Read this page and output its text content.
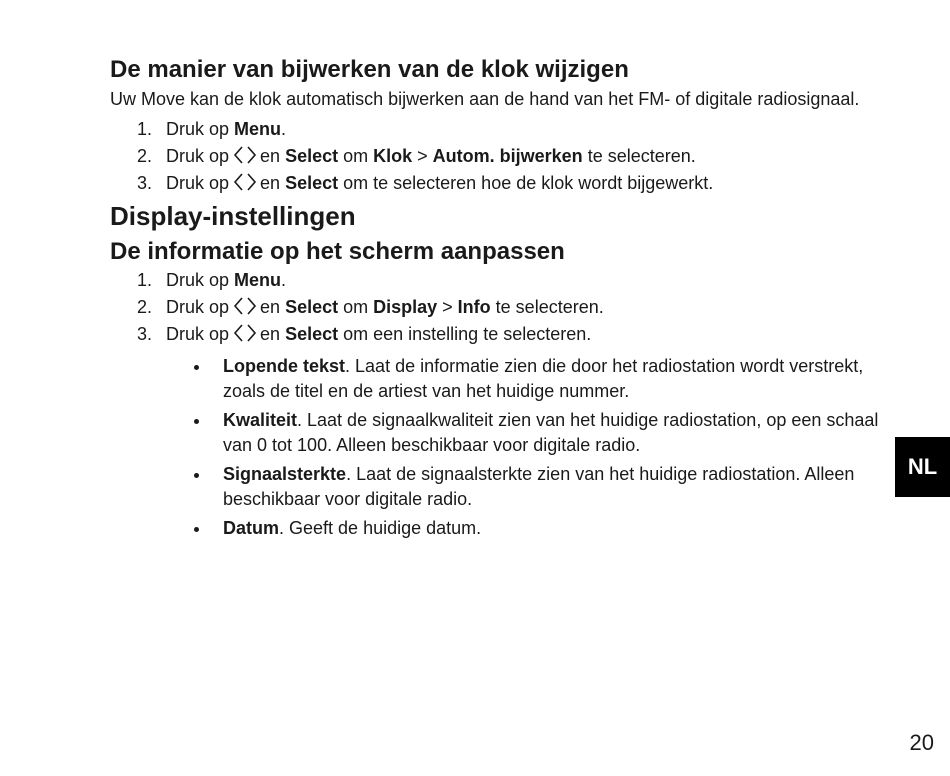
De manier van bijwerken van de klok wijzigen

Uw Move kan de klok automatisch bijwerken aan de hand van het FM- of digitale radiosignaal.

1. Druk op Menu.
2. Druk op en Select om Klok > Autom. bijwerken te selecteren.
3. Druk op en Select om te selecteren hoe de klok wordt bijgewerkt.
Display-instellingen
De informatie op het scherm aanpassen
1. Druk op Menu.
2. Druk op en Select om Display > Info te selecteren.
3. Druk op en Select om een instelling te selecteren.
Lopende tekst. Laat de informatie zien die door het radiostation wordt verstrekt, zoals de titel en de artiest van het huidige nummer.
Kwaliteit. Laat de signaalkwaliteit zien van het huidige radiostation, op een schaal van 0 tot 100. Alleen beschikbaar voor digitale radio.
Signaalsterkte. Laat de signaalsterkte zien van het huidige radiostation. Alleen beschikbaar voor digitale radio.
Datum. Geeft de huidige datum.
NL
20
